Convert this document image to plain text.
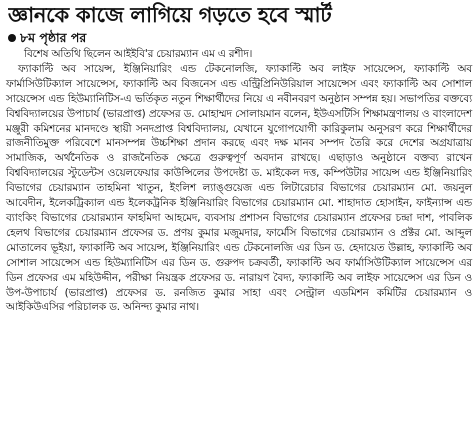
জ্ঞানকে কাজে লাগিয়ে গড়তে হবে স্মার্ট
৮ম পৃষ্ঠার পর

বিশেষ অতিথি ছিলেন আইইবি'র চেয়ারম্যান এম এ রশীদ।

ফ্যাকাল্টি অব সায়েন্স, ইঞ্জিনিয়ারিং এন্ড টেকনোলজি, ফ্যাকাল্টি অব লাইফ সায়েন্সেস, ফ্যাকাল্টি অব ফার্মাসিউটিক্যাল সায়েন্সেস, ফ্যাকাল্টি অব বিজনেস এন্ড এন্ট্রিপ্রিনিউরিয়াল সায়েন্সেস এবং ফ্যাকাল্টি অব সোশাল সায়েন্সেস এন্ড হিউম্যানিটিস-এ ভর্তিকৃত নতুন শিক্ষার্থীদের নিয়ে এ নবীনবরণ অনুষ্ঠান সম্পন্ন হয়। সভাপতির বক্তব্যে বিশ্ববিদ্যালয়ের উপাচার্য (ভারপ্রাপ্ত) প্রফেসর ড. মোহাম্মদ সোলায়মান বলেন, ইউএসটিসি শিক্ষামন্ত্রণালয় ও বাংলাদেশ মঞ্জুরী কমিশনের মানদণ্ডে স্থায়ী সনদপ্রাপ্ত বিশ্ববিদ্যালয়, যেখানে যুগোপযোগী কারিকুলাম অনুসরণ করে শিক্ষার্থীদের রাজনীতিমুক্ত পরিবেশে মানসম্পন্ন উচ্চশিক্ষা প্রদান করছে এবং দক্ষ মানব সম্পদ তৈরি করে দেশের অগ্রযাত্রায় সামাজিক, অর্থনৈতিক ও রাজনৈতিক ক্ষেত্রে গুরুত্বপূর্ণ অবদান রাখছে। এছাড়াও অনুষ্ঠানে বক্তব্য রাখেন বিশ্ববিদ্যালয়ের স্টুডেন্টস ওয়েলফেয়ার কাউন্সিলের উপদেষ্টা ড. মাইকেল দত্ত, কম্পিউটার সায়েন্স এন্ড ইঞ্জিনিয়ারিং বিভাগের চেয়ারম্যান তাহমিনা খাতুন, ইংলিশ ল্যাঙ্গুয়েজ এন্ড লিটারেচার বিভাগের চেয়ারম্যান মো. জয়নুল আবেদীন, ইলেকট্রিক্যাল এন্ড ইলেকট্রনিক ইঞ্জিনিয়ারিং বিভাগের চেয়ারম্যান মো. শাহাদাত হোসাইন, ফাইন্যান্স এন্ড ব্যাংকিং বিভাগের চেয়ারম্যান ফাহমিদা আহমেদ, ব্যবসায় প্রশাসন বিভাগের চেয়ারম্যান প্রফেসর চন্দ্রা দাশ, পাবলিক হেলথ বিভাগের চেয়ারম্যান প্রফেসর ড. প্রণয় কুমার মজুমদার, ফার্মেসি বিভাগের চেয়ারম্যান ও প্রক্টর মো. আব্দুল মোতালেব ভূইয়া, ফ্যাকাল্টি অব সায়েন্স, ইঞ্জিনিয়ারিং এন্ড টেকনোলজি এর ডিন ড. হেদায়েত উল্লাহ, ফ্যাকাল্টি অব সোশাল সায়েন্সেস এন্ড হিউম্যানিটিস এর ডিন ড. গুরুপদ চক্রবর্তী, ফ্যাকাল্টি অব ফার্মাসিউটিক্যাল সায়েন্সেস এর ডিন প্রফেসর এম মহিউদ্দীন, পরীক্ষা নিয়ন্ত্রক প্রফেসর ড. নারায়ণ বৈদ্য, ফ্যাকাল্টি অব লাইফ সায়েন্সেস এর ডিন ও উপ-উপাচার্য (ভারপ্রাপ্ত) প্রফেসর ড. রনজিত কুমার সাহা এবং সেন্ট্রাল এডমিশন কমিটির চেয়ারম্যান ও আইকিউএসির পরিচালক ড. অনিন্দ্য কুমার নাথ।
